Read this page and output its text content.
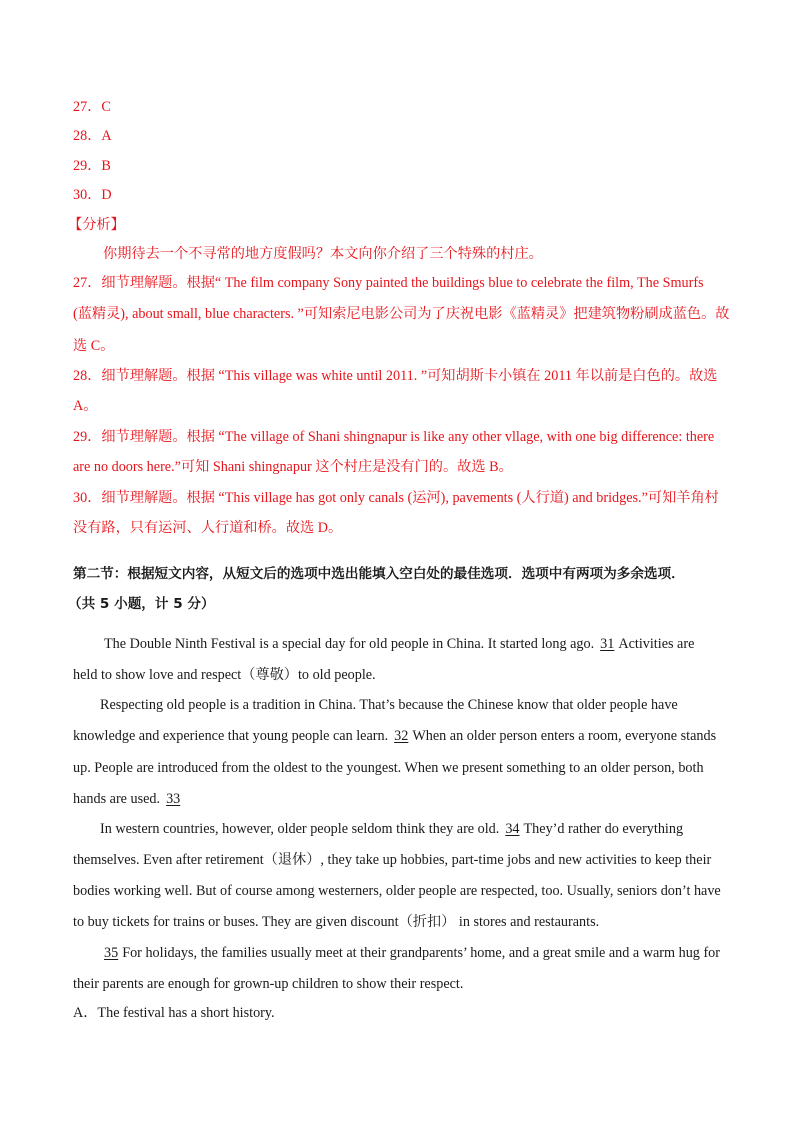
27．C
28．A
29．B
30．D
【分析】
你期待去一个不寻常的地方度假吗？本文向你介绍了三个特殊的村庄。
27．细节理解题。根据“ The film company Sony painted the buildings blue to celebrate the film, The Smurfs
(蓝精灵), about small, blue characters. ”可知索尼电影公司为了庆祝电影《蓝精灵》把建筑物粉刷成蓝色。故
选 C。
28．细节理解题。根据 “This village was white until 2011. ”可知胡斯卡小镇在 2011 年以前是白色的。故选
A。
29．细节理解题。根据 “The village of Shani shingnapur is like any other vllage, with one big difference: there
are no doors here.”可知 Shani shingnapur 这个村庄是没有门的。故选 B。
30．细节理解题。根据 “This village has got only canals (运河), pavements (人行道) and bridges.”可知羊角村
没有路，只有运河、人行道和桥。故选 D。
第二节：根据短文内容，从短文后的选项中选出能填入空白处的最佳选项．选项中有两项为多余选项．
（共 5 小题，计 5 分）
The Double Ninth Festival is a special day for old people in China. It started long ago. 31 Activities are
held to show love and respect（尊敬）to old people.
Respecting old people is a tradition in China. That’s because the Chinese know that older people have
knowledge and experience that young people can learn. 32 When an older person enters a room, everyone stands
up. People are introduced from the oldest to the youngest. When we present something to an older person, both
hands are used. 33
In western countries, however, older people seldom think they are old. 34 They’d rather do everything
themselves. Even after retirement（退休）, they take up hobbies, part-time jobs and new activities to keep their
bodies working well. But of course among westerners, older people are respected, too. Usually, seniors don’t have
to buy tickets for trains or buses. They are given discount（折扣） in stores and restaurants.
35 For holidays, the families usually meet at their grandparents’ home, and a great smile and a warm hug for
their parents are enough for grown-up children to show their respect.
A．The festival has a short history.
